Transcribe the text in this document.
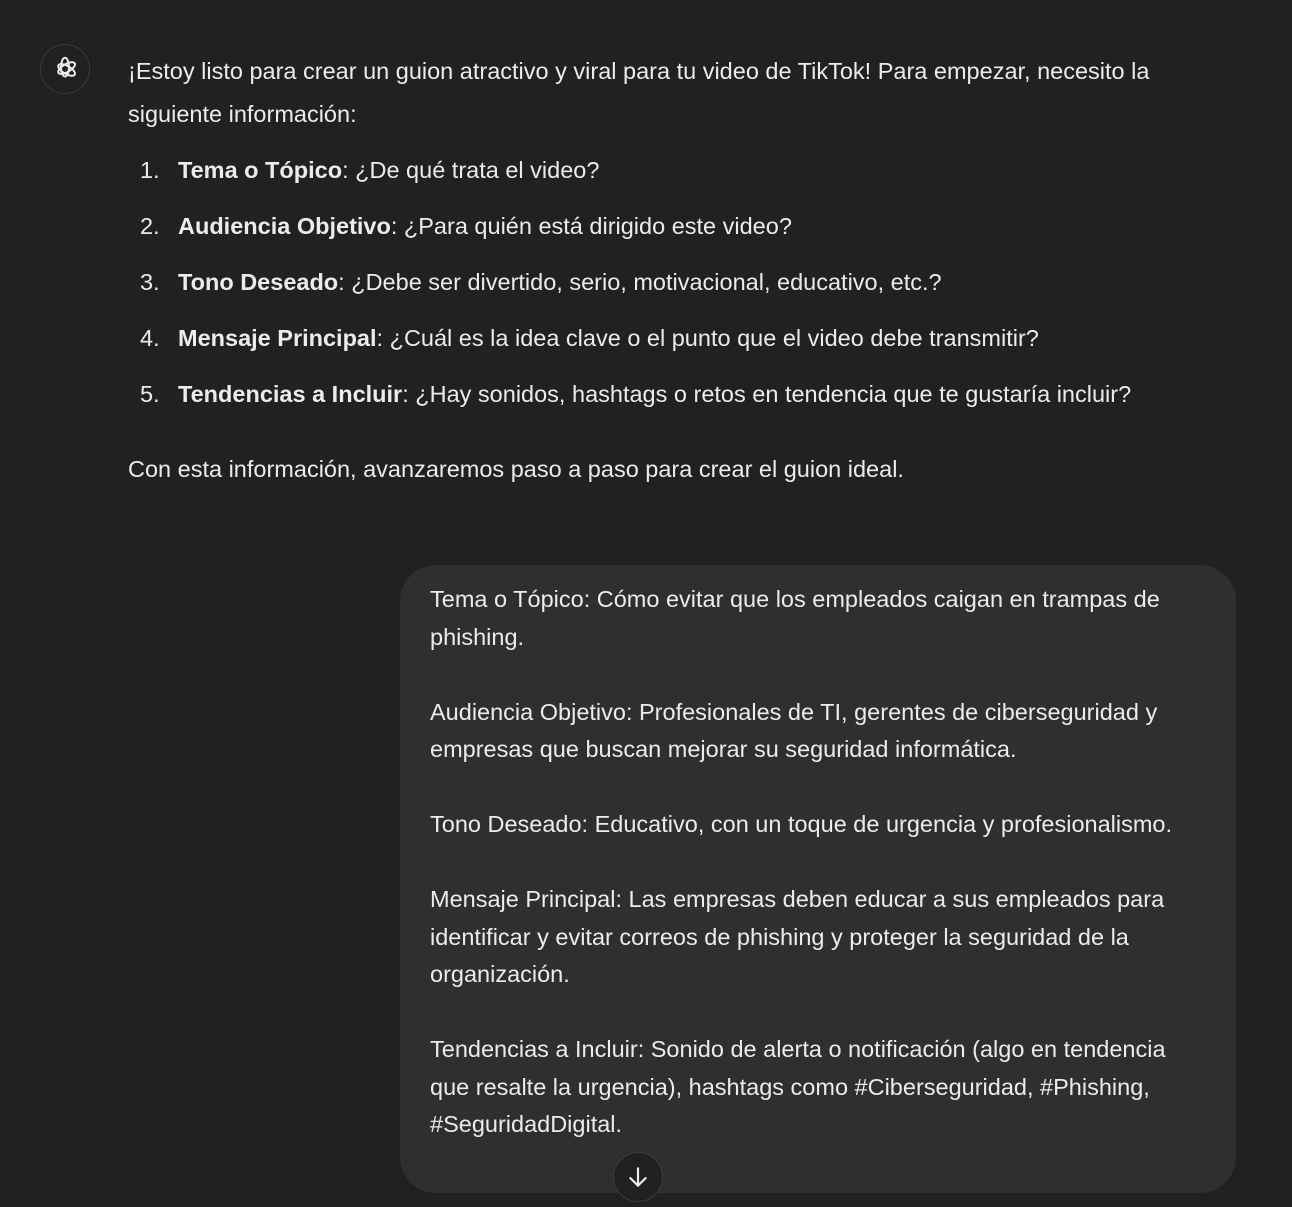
¡Estoy listo para crear un guion atractivo y viral para tu video de TikTok! Para empezar, necesito la siguiente información:

1. Tema o Tópico: ¿De qué trata el video?
2. Audiencia Objetivo: ¿Para quién está dirigido este video?
3. Tono Deseado: ¿Debe ser divertido, serio, motivacional, educativo, etc.?
4. Mensaje Principal: ¿Cuál es la idea clave o el punto que el video debe transmitir?
5. Tendencias a Incluir: ¿Hay sonidos, hashtags o retos en tendencia que te gustaría incluir?

Con esta información, avanzaremos paso a paso para crear el guion ideal.

Tema o Tópico: Cómo evitar que los empleados caigan en trampas de phishing.

Audiencia Objetivo: Profesionales de TI, gerentes de ciberseguridad y empresas que buscan mejorar su seguridad informática.

Tono Deseado: Educativo, con un toque de urgencia y profesionalismo.

Mensaje Principal: Las empresas deben educar a sus empleados para identificar y evitar correos de phishing y proteger la seguridad de la organización.

Tendencias a Incluir: Sonido de alerta o notificación (algo en tendencia que resalte la urgencia), hashtags como #Ciberseguridad, #Phishing, #SeguridadDigital.
